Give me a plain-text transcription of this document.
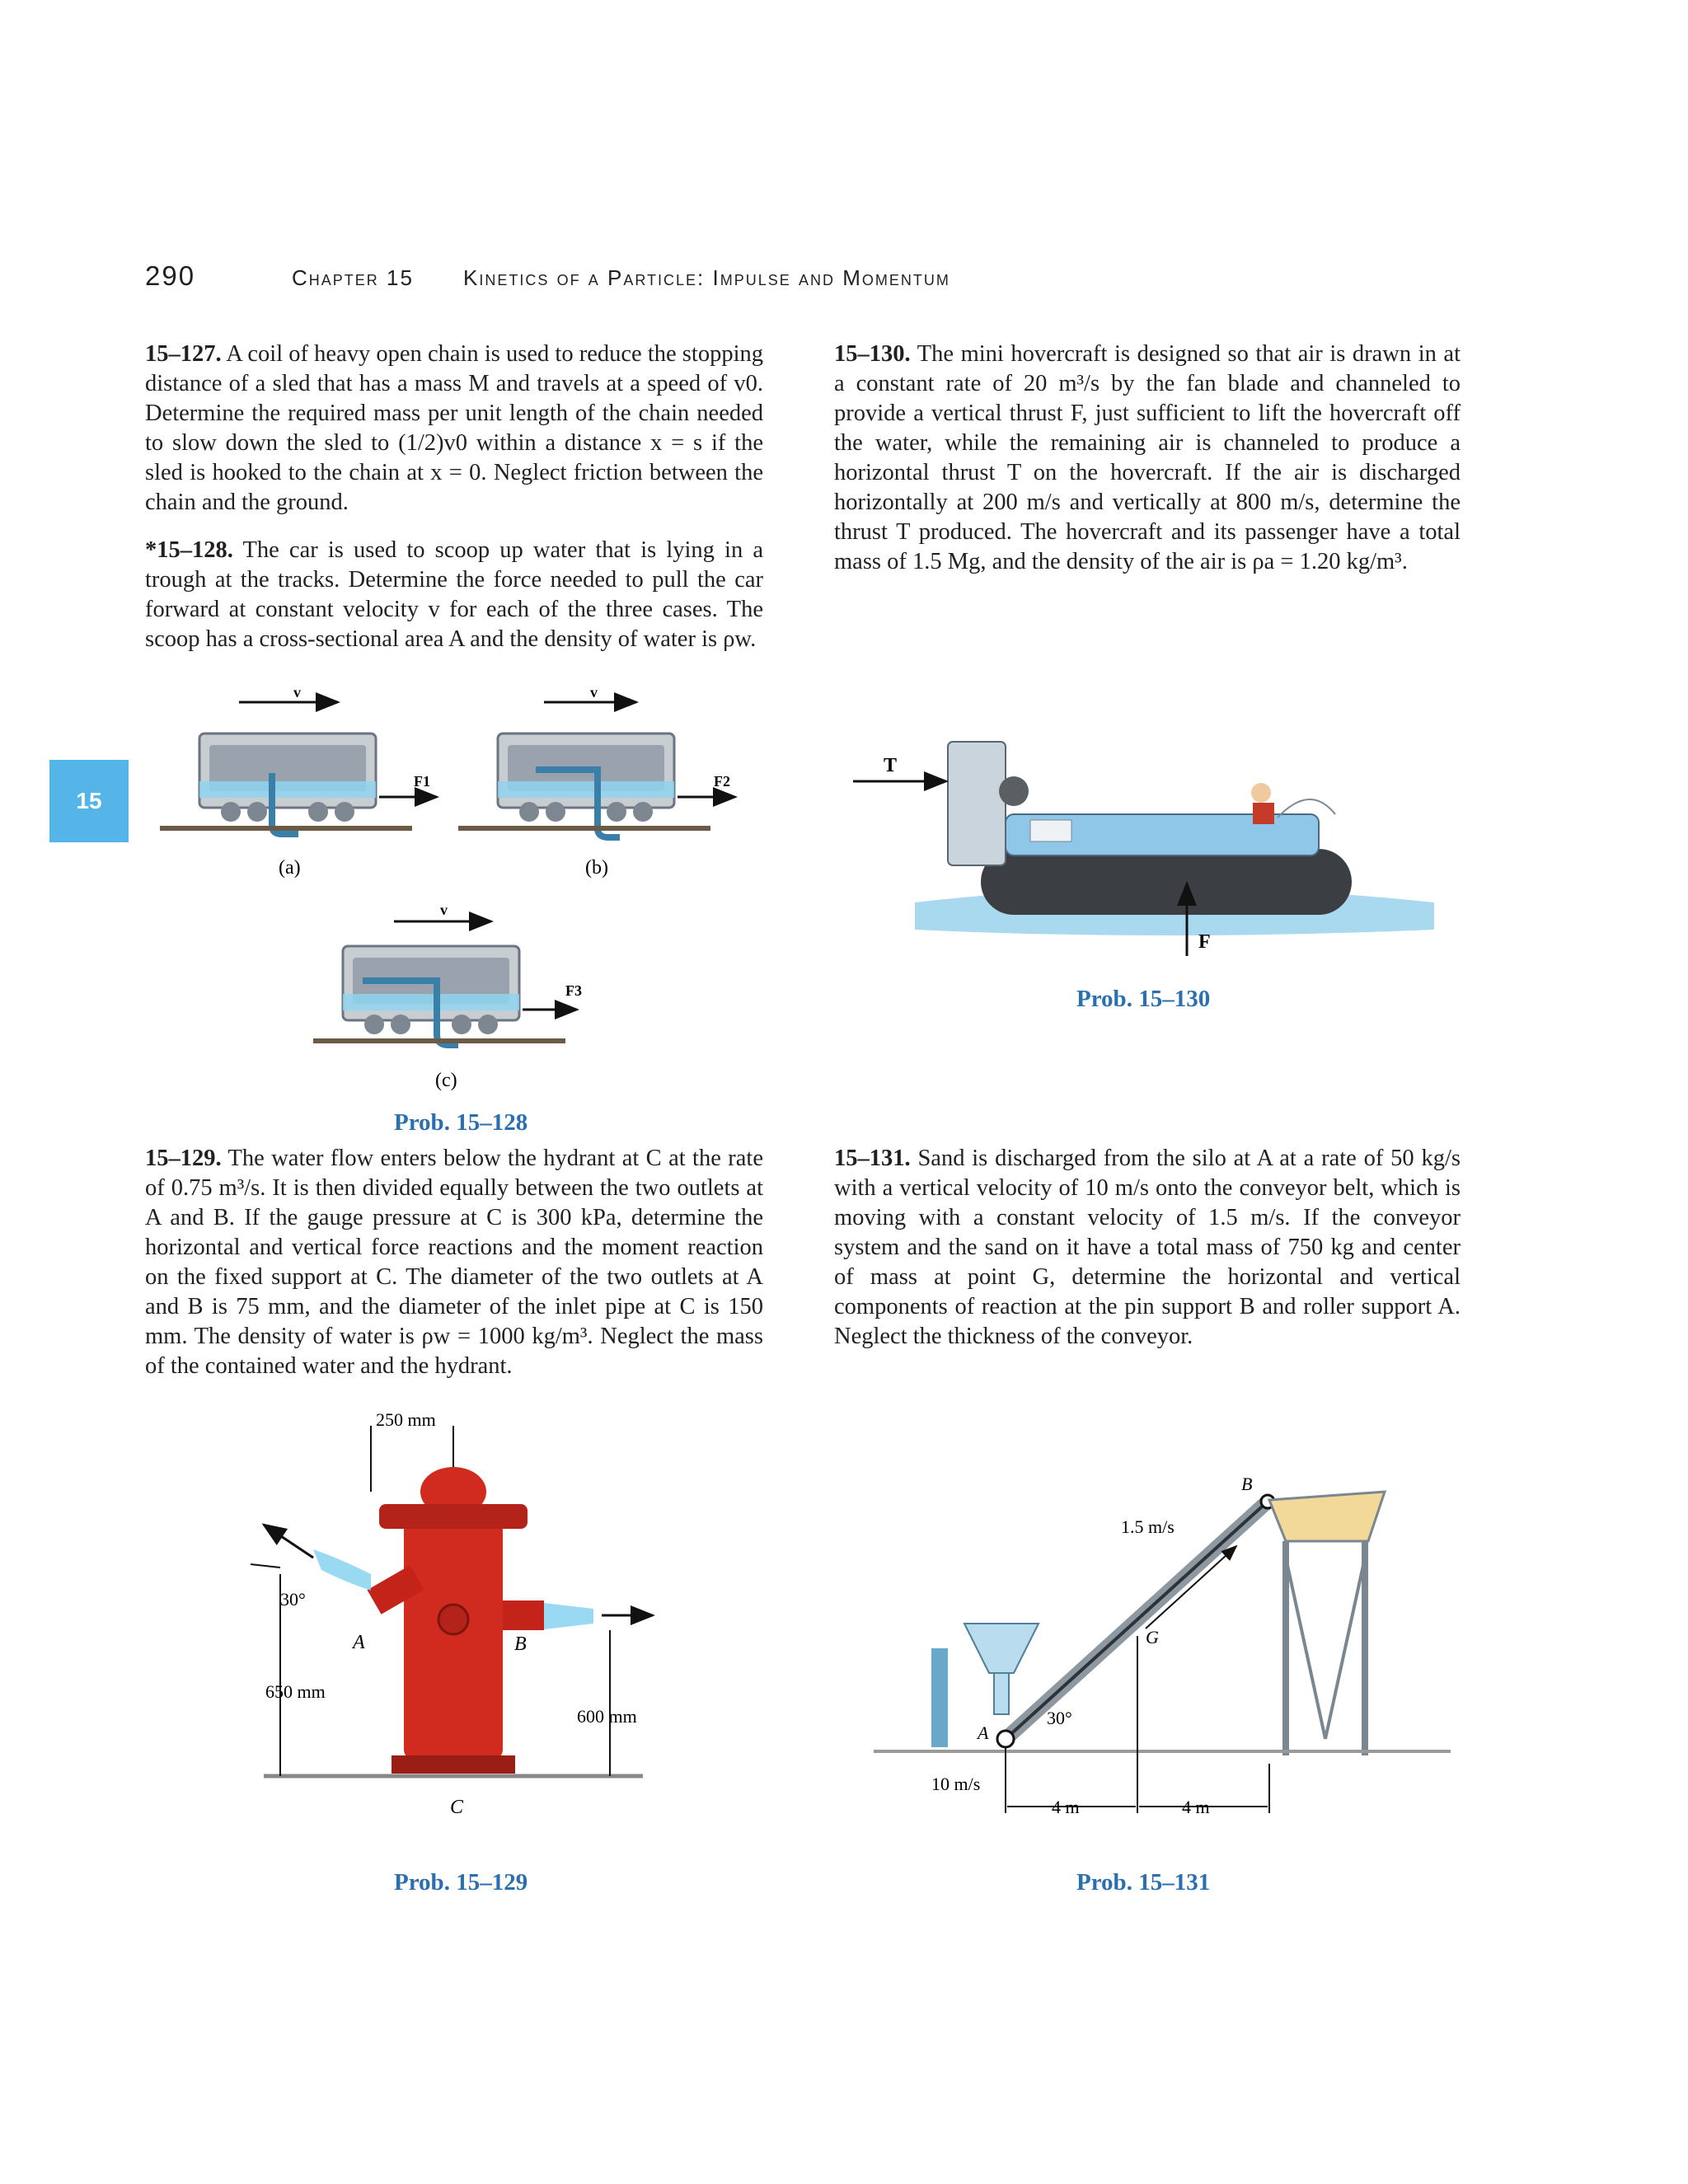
290	Chapter 15 Kinetics of a Particle: Impulse and Momentum
15

15–127. A coil of heavy open chain is used to reduce the stopping distance of a sled that has a mass M and travels at a speed of v0. Determine the required mass per unit length of the chain needed to slow down the sled to (1/2)v0 within a distance x = s if the sled is hooked to the chain at x = 0. Neglect friction between the chain and the ground.

*15–128. The car is used to scoop up water that is lying in a trough at the tracks. Determine the force needed to pull the car forward at constant velocity v for each of the three cases. The scoop has a cross-sectional area A and the density of water is ρw.

15–130. The mini hovercraft is designed so that air is drawn in at a constant rate of 20 m³/s by the fan blade and channeled to provide a vertical thrust F, just sufficient to lift the hovercraft off the water, while the remaining air is channeled to produce a horizontal thrust T on the hovercraft. If the air is discharged horizontally at 200 m/s and vertically at 800 m/s, determine the thrust T produced. The hovercraft and its passenger have a total mass of 1.5 Mg, and the density of the air is ρa = 1.20 kg/m³.

15–129. The water flow enters below the hydrant at C at the rate of 0.75 m³/s. It is then divided equally between the two outlets at A and B. If the gauge pressure at C is 300 kPa, determine the horizontal and vertical force reactions and the moment reaction on the fixed support at C. The diameter of the two outlets at A and B is 75 mm, and the diameter of the inlet pipe at C is 150 mm. The density of water is ρw = 1000 kg/m³. Neglect the mass of the contained water and the hydrant.

15–131. Sand is discharged from the silo at A at a rate of 50 kg/s with a vertical velocity of 10 m/s onto the conveyor belt, which is moving with a constant velocity of 1.5 m/s. If the conveyor system and the sand on it have a total mass of 750 kg and center of mass at point G, determine the horizontal and vertical components of reaction at the pin support B and roller support A. Neglect the thickness of the conveyor.

v
F1
(a)
v
F2
(b)
v
F3
(c)
Prob. 15–128
T
F
Prob. 15–130
250 mm
30°
A	B
650 mm
600 mm
C
Prob. 15–129
1.5 m/s
B
G
30°
A
10 m/s
4 m	4 m
Prob. 15–131
